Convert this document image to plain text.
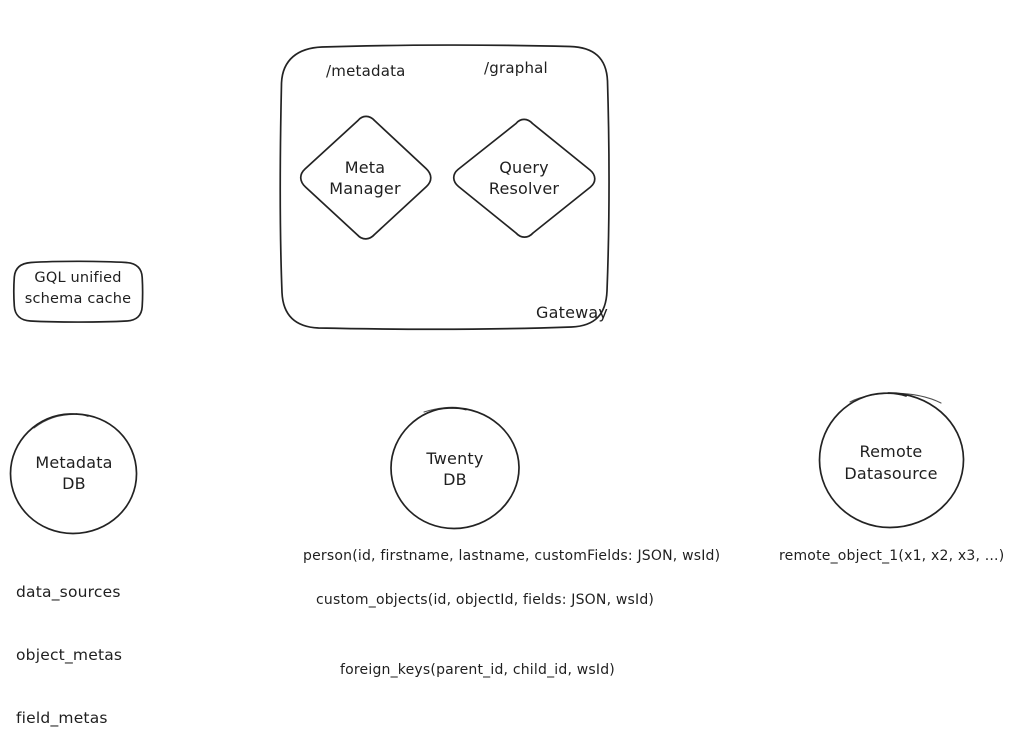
/metadata	/graphal
Gateway
Meta
Manager
Query
Resolver
GQL unified
schema cache
Metadata
DB
Twenty
DB
Remote
Datasource

data_sources

object_metas

field_metas

person(id, firstname, lastname, customFields: JSON, wsId)
custom_objects(id, objectId, fields: JSON, wsId)
foreign_keys(parent_id, child_id, wsId)
remote_object_1(x1, x2, x3, ...)
